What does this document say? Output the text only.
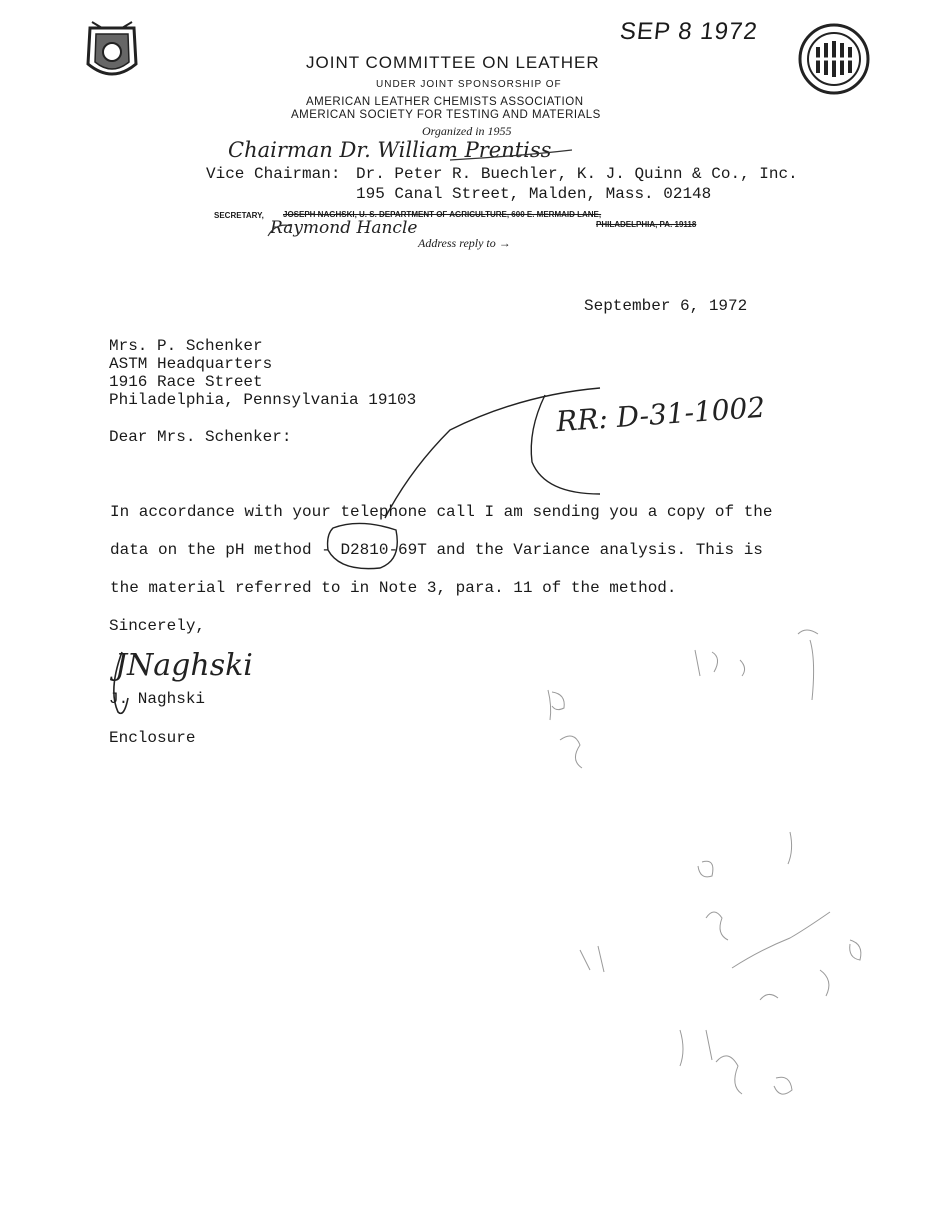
SEP 8 1972
JOINT COMMITTEE ON LEATHER
UNDER JOINT SPONSORSHIP OF
AMERICAN LEATHER CHEMISTS ASSOCIATION
AMERICAN SOCIETY FOR TESTING AND MATERIALS
Organized in 1955
Chairman Dr. William Prentiss
Vice Chairman: Dr. Peter R. Buechler, K. J. Quinn & Co., Inc.
195 Canal Street, Malden, Mass. 02148
SECRETARY, JOSEPH NAGHSKI, U. S. DEPARTMENT OF AGRICULTURE, 600 E. MERMAID LANE,
PHILADELPHIA, PA. 19118
Raymond Hancle
Address reply to →
September 6, 1972
Mrs. P. Schenker
ASTM Headquarters
1916 Race Street
Philadelphia, Pennsylvania 19103
Dear Mrs. Schenker:
In accordance with your telephone call I am sending you a copy of the
data on the pH method - D2810-69T and the Variance analysis. This is
the material referred to in Note 3, para. 11 of the method.
Sincerely,
JNaghski
J. Naghski
Enclosure
RR: D-31-1002
